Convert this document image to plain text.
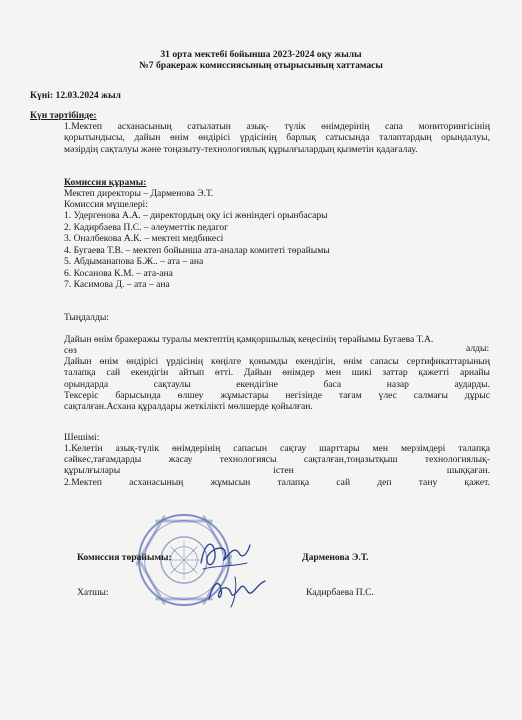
31 орта мектебі бойынша 2023-2024 оқу жылы
№7 бракераж комиссиясының отырысының хаттамасы
Күні: 12.03.2024 жыл
Күн тәртібінде:
1.Мектеп асханасының сатылатын азық- түлік өнімдерінің сапа мониторингісінің
қорытындысы, дайын өнім өндірісі үрдісінің барлық сатысында талаптардың орындалуы,
мәзірдің сақталуы және тоңазыту-технологиялық құрылғылардың қызметін қадағалау.
Комиссия құрамы:
Мектеп директоры – Дарменова Э.Т.
Комиссия мүшелері:
1. Удергенова А.А. – директордың оқу ісі жөніндегі орынбасары
2. Кадирбаева П.С. – әлеуметтік педагог
3. Оналбекова А.К. – мектеп медбикесі
4. Бугаева Т.В. – мектеп бойынша ата-аналар комитеті төрайымы
5. Абдыманапова Б.Ж.. – ата – ана
6. Косанова К.М. – ата-ана
7. Касимова Д. – ата – ана
Тыңдалды:
Дайын өнім бракеражы туралы мектептің қамқоршылық кеңесінің төрайымы Бугаева Т.А.
сөз	алды:
Дайын өнім өндірісі үрдісінің көңілге қонымды екендігін, өнім сапасы сертификаттарының
талапқа сай екендігін айтып өтті. Дайын өнімдер мен шикі заттар қажетті арнайы
орындарда сақтаулы екендігіне баса назар аударды.
Тексеріс барысында өлшеу жұмыстары негізінде тағам үлес салмағы дұрыс
сақталған.Асхана құралдары жеткілікті мөлшерде қойылған.
Шешімі:
1.Келетін азық-түлік өнімдерінің сапасын сақтау шарттары мен мерзімдері талапқа
сәйкес,тағамдарды жасау технологиясы сақталған,тоңазытқыш технологиялық-
құрылғылары істен шыққаған.
2.Мектеп асханасының жұмысын талапқа сай деп тану қажет.
Комиссия төрайымы:	Дарменова Э.Т.
Хатшы:	Кадирбаева П.С.
